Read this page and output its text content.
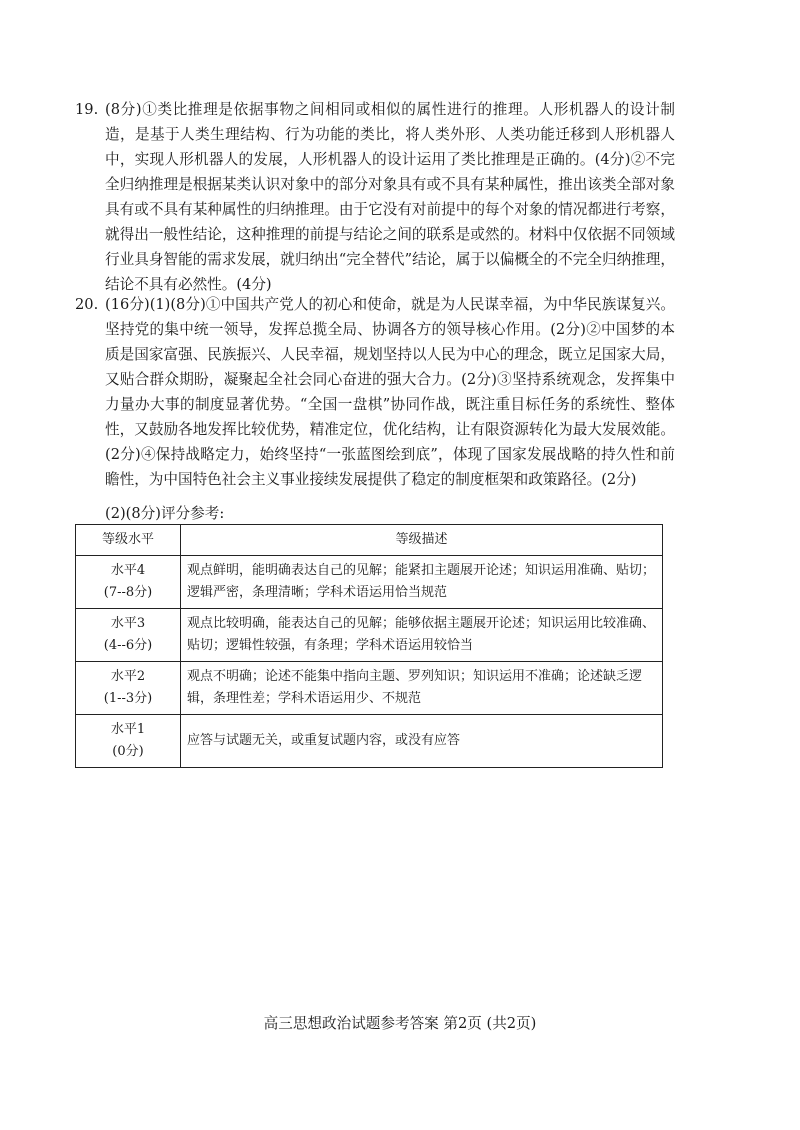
19. (8分)①类比推理是依据事物之间相同或相似的属性进行的推理。人形机器人的设计制造，是基于人类生理结构、行为功能的类比，将人类外形、人类功能迁移到人形机器人中，实现人形机器人的发展，人形机器人的设计运用了类比推理是正确的。(4分)②不完全归纳推理是根据某类认识对象中的部分对象具有或不具有某种属性，推出该类全部对象具有或不具有某种属性的归纳推理。由于它没有对前提中的每个对象的情况都进行考察，就得出一般性结论，这种推理的前提与结论之间的联系是或然的。材料中仅依据不同领域行业具身智能的需求发展，就归纳出“完全替代”结论，属于以偏概全的不完全归纳推理，结论不具有必然性。(4分)
20. (16分)(1)(8分)①中国共产党人的初心和使命，就是为人民谋幸福，为中华民族谋复兴。坚持党的集中统一领导，发挥总揽全局、协调各方的领导核心作用。(2分)②中国梦的本质是国家富强、民族振兴、人民幸福，规划坚持以人民为中心的理念，既立足国家大局，又贴合群众期盼，凝聚起全社会同心奋进的强大合力。(2分)③坚持系统观念，发挥集中力量办大事的制度显著优势。“全国一盘棋”协同作战，既注重目标任务的系统性、整体性，又鼓励各地发挥比较优势，精准定位，优化结构，让有限资源转化为最大发展效能。(2分)④保持战略定力，始终坚持“一张蓝图绘到底”，体现了国家发展战略的持久性和前瞻性，为中国特色社会主义事业接续发展提供了稳定的制度框架和政策路径。(2分)
(2)(8分)评分参考:
等级水平	等级描述
水平4
(7--8分)	观点鲜明，能明确表达自己的见解；能紧扣主题展开论述；知识运用准确、贴切；逻辑严密，条理清晰；学科术语运用恰当规范
水平3
(4--6分)	观点比较明确，能表达自己的见解；能够依据主题展开论述；知识运用比较准确、贴切；逻辑性较强，有条理；学科术语运用较恰当
水平2
(1--3分)	观点不明确；论述不能集中指向主题、罗列知识；知识运用不准确；论述缺乏逻辑，条理性差；学科术语运用少、不规范
水平1
(0分)	应答与试题无关，或重复试题内容，或没有应答
高三思想政治试题参考答案 第2页 (共2页)
